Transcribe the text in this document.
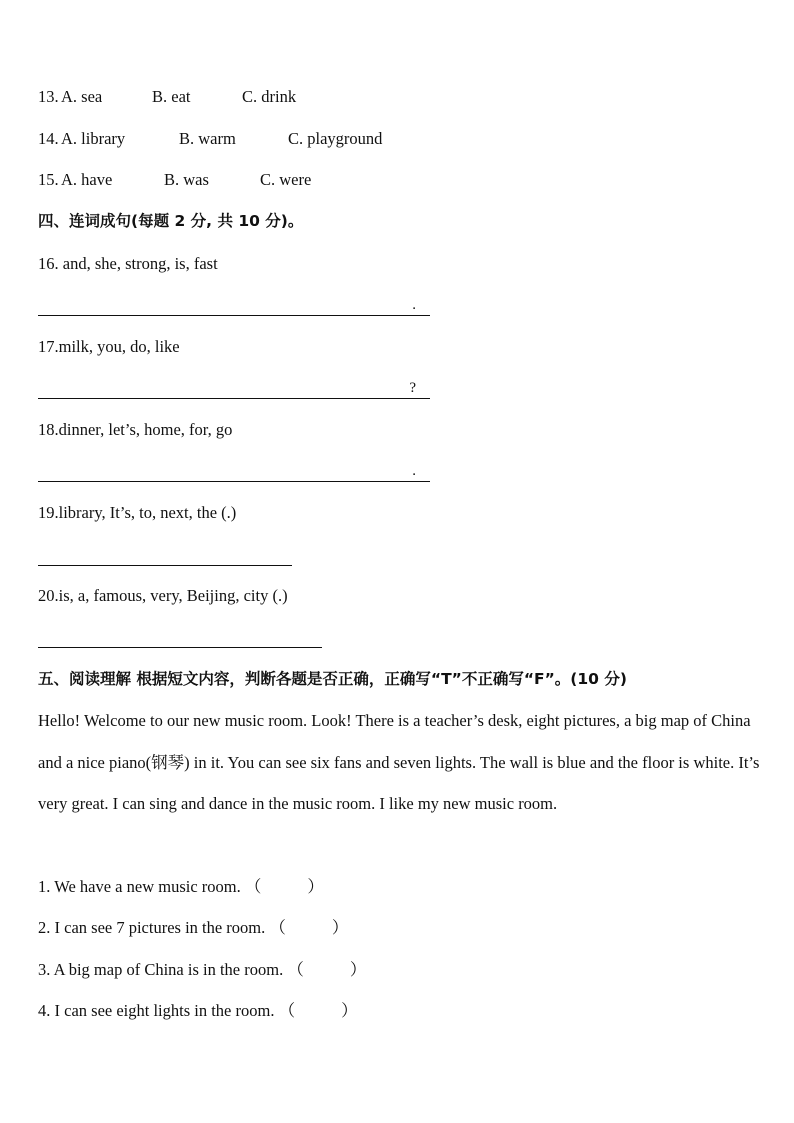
13. A. sea	B. eat	C. drink
14. A. library	B. warm	C. playground
15. A. have	B. was	C. were
四、连词成句(每题 2 分, 共 10 分)。
16. and, she, strong, is, fast
.
17.milk, you, do, like
?
18.dinner, let’s, home, for, go
.
19.library, It’s, to, next, the (.)
20.is, a, famous, very, Beijing, city (.)
五、阅读理解 根据短文内容，判断各题是否正确，正确写“T”不正确写“F”。(10 分)
Hello! Welcome to our new music room. Look! There is a teacher’s desk, eight pictures, a big map of China and a nice piano(钢琴) in it. You can see six fans and seven lights. The wall is blue and the floor is white. It’s very great. I can sing and dance in the music room. I like my new music room.
1. We have a new music room. （	）
2. I can see 7 pictures in the room. （	）
3. A big map of China is in the room. （	）
4. I can see eight lights in the room. （	）
